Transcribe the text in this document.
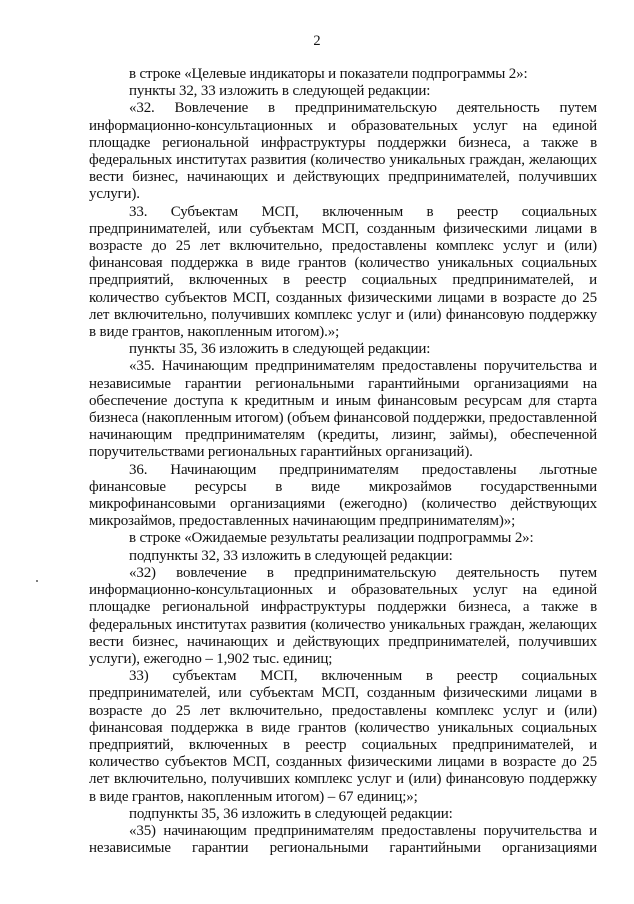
2

в строке «Целевые индикаторы и показатели подпрограммы 2»:

пункты 32, 33 изложить в следующей редакции:

«32. Вовлечение в предпринимательскую деятельность путем информационно-консультационных и образовательных услуг на единой площадке региональной инфраструктуры поддержки бизнеса, а также в федеральных институтах развития (количество уникальных граждан, желающих вести бизнес, начинающих и действующих предпринимателей, получивших услуги).

33. Субъектам МСП, включенным в реестр социальных предпринимателей, или субъектам МСП, созданным физическими лицами в возрасте до 25 лет включительно, предоставлены комплекс услуг и (или) финансовая поддержка в виде грантов (количество уникальных социальных предприятий, включенных в реестр социальных предпринимателей, и количество субъектов МСП, созданных физическими лицами в возрасте до 25 лет включительно, получивших комплекс услуг и (или) финансовую поддержку в виде грантов, накопленным итогом).»;

пункты 35, 36 изложить в следующей редакции:

«35. Начинающим предпринимателям предоставлены поручительства и независимые гарантии региональными гарантийными организациями на обеспечение доступа к кредитным и иным финансовым ресурсам для старта бизнеса (накопленным итогом) (объем финансовой поддержки, предоставленной начинающим предпринимателям (кредиты, лизинг, займы), обеспеченной поручительствами региональных гарантийных организаций).

36. Начинающим предпринимателям предоставлены льготные финансовые ресурсы в виде микрозаймов государственными микрофинансовыми организациями (ежегодно) (количество действующих микрозаймов, предоставленных начинающим предпринимателям)»;

в строке «Ожидаемые результаты реализации подпрограммы 2»:

подпункты 32, 33 изложить в следующей редакции:

«32) вовлечение в предпринимательскую деятельность путем информационно-консультационных и образовательных услуг на единой площадке региональной инфраструктуры поддержки бизнеса, а также в федеральных институтах развития (количество уникальных граждан, желающих вести бизнес, начинающих и действующих предпринимателей, получивших услуги), ежегодно – 1,902 тыс. единиц;

33) субъектам МСП, включенным в реестр социальных предпринимателей, или субъектам МСП, созданным физическими лицами в возрасте до 25 лет включительно, предоставлены комплекс услуг и (или) финансовая поддержка в виде грантов (количество уникальных социальных предприятий, включенных в реестр социальных предпринимателей, и количество субъектов МСП, созданных физическими лицами в возрасте до 25 лет включительно, получивших комплекс услуг и (или) финансовую поддержку в виде грантов, накопленным итогом) – 67 единиц;»;

подпункты 35, 36 изложить в следующей редакции:

«35) начинающим предпринимателям предоставлены поручительства и независимые гарантии региональными гарантийными организациями
